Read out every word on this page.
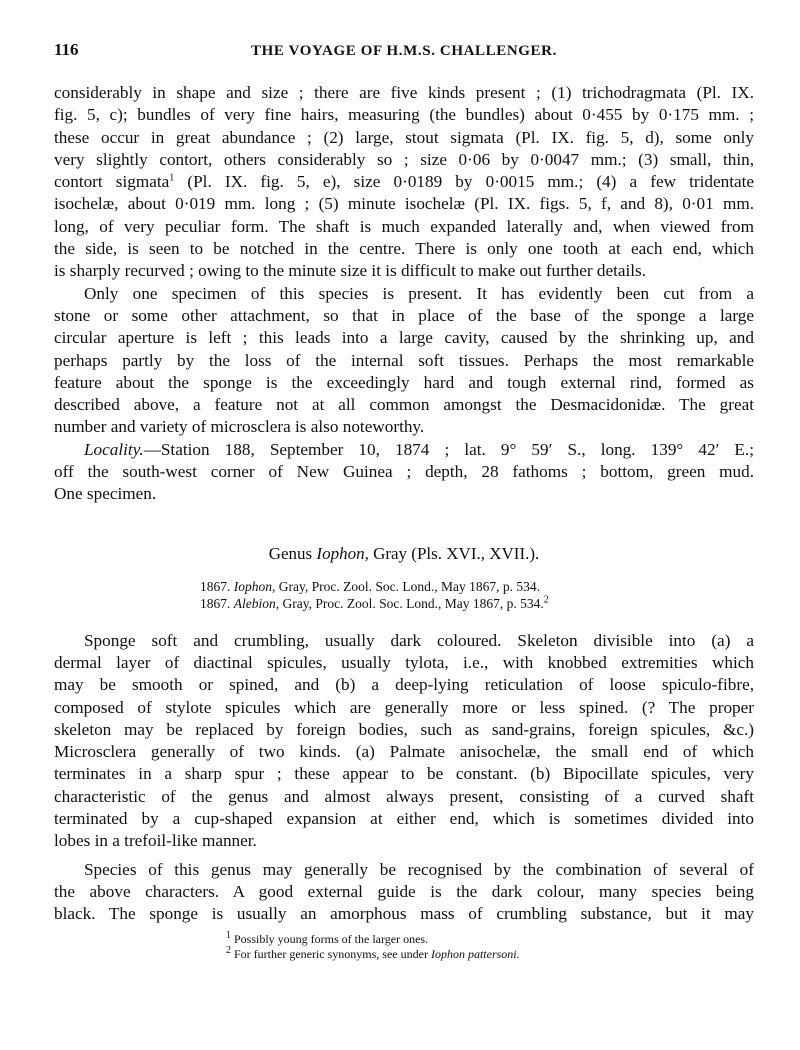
116	THE VOYAGE OF H.M.S. CHALLENGER.
considerably in shape and size ; there are five kinds present ; (1) trichodragmata (Pl. IX.
fig. 5, c); bundles of very fine hairs, measuring (the bundles) about 0·455 by 0·175 mm. ;
these occur in great abundance ; (2) large, stout sigmata (Pl. IX. fig. 5, d), some only
very slightly contort, others considerably so ; size 0·06 by 0·0047 mm.; (3) small, thin,
contort sigmata$^1$ (Pl. IX. fig. 5, e), size 0·0189 by 0·0015 mm.; (4) a few tridentate
isochelæ, about 0·019 mm. long ; (5) minute isochelæ (Pl. IX. figs. 5, f, and 8), 0·01 mm.
long, of very peculiar form. The shaft is much expanded laterally and, when viewed from
the side, is seen to be notched in the centre. There is only one tooth at each end, which
is sharply recurved ; owing to the minute size it is difficult to make out further details.
Only one specimen of this species is present. It has evidently been cut from a
stone or some other attachment, so that in place of the base of the sponge a large
circular aperture is left ; this leads into a large cavity, caused by the shrinking up, and
perhaps partly by the loss of the internal soft tissues. Perhaps the most remarkable
feature about the sponge is the exceedingly hard and tough external rind, formed as
described above, a feature not at all common amongst the Desmacidonidæ. The great
number and variety of microsclera is also noteworthy.
Locality.—Station 188, September 10, 1874 ; lat. 9° 59′ S., long. 139° 42′ E.;
off the south-west corner of New Guinea ; depth, 28 fathoms ; bottom, green mud.
One specimen.
Genus Iophon, Gray (Pls. XVI., XVII.).
1867. Iophon, Gray, Proc. Zool. Soc. Lond., May 1867, p. 534.
1867. Alebion, Gray, Proc. Zool. Soc. Lond., May 1867, p. 534.$^2$
Sponge soft and crumbling, usually dark coloured. Skeleton divisible into (a) a
dermal layer of diactinal spicules, usually tylota, i.e., with knobbed extremities which
may be smooth or spined, and (b) a deep-lying reticulation of loose spiculo-fibre,
composed of stylote spicules which are generally more or less spined. (? The proper
skeleton may be replaced by foreign bodies, such as sand-grains, foreign spicules, &c.)
Microsclera generally of two kinds. (a) Palmate anisochelæ, the small end of which
terminates in a sharp spur ; these appear to be constant. (b) Bipocillate spicules, very
characteristic of the genus and almost always present, consisting of a curved shaft
terminated by a cup-shaped expansion at either end, which is sometimes divided into
lobes in a trefoil-like manner.
Species of this genus may generally be recognised by the combination of several of
the above characters. A good external guide is the dark colour, many species being
black. The sponge is usually an amorphous mass of crumbling substance, but it may
$^1$ Possibly young forms of the larger ones.
$^2$ For further generic synonyms, see under Iophon pattersoni.
